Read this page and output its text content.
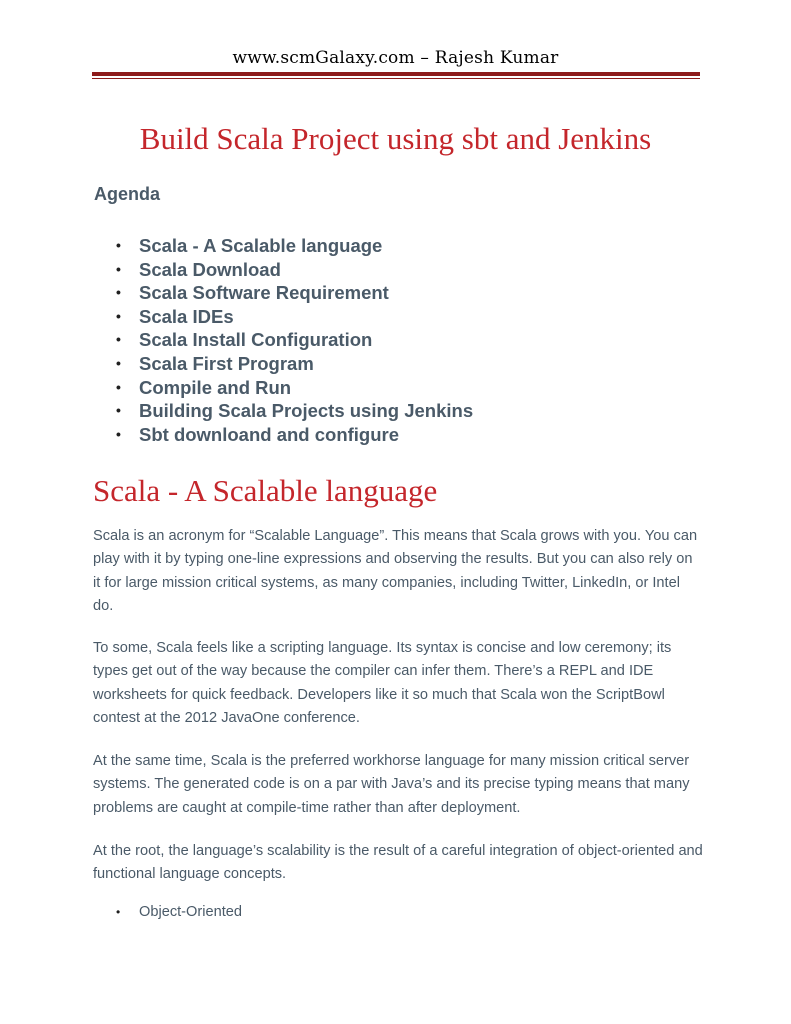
www.scmGalaxy.com – Rajesh Kumar
Build Scala Project using sbt and Jenkins
Agenda
• Scala - A Scalable language
• Scala Download
• Scala Software Requirement
• Scala IDEs
• Scala Install Configuration
• Scala First Program
• Compile and Run
• Building Scala Projects using Jenkins
• Sbt downloand and configure
Scala - A Scalable language

Scala is an acronym for “Scalable Language”. This means that Scala grows with you. You can play with it by typing one-line expressions and observing the results. But you can also rely on it for large mission critical systems, as many companies, including Twitter, LinkedIn, or Intel do.

To some, Scala feels like a scripting language. Its syntax is concise and low ceremony; its types get out of the way because the compiler can infer them. There’s a REPL and IDE worksheets for quick feedback. Developers like it so much that Scala won the ScriptBowl contest at the 2012 JavaOne conference.

At the same time, Scala is the preferred workhorse language for many mission critical server systems. The generated code is on a par with Java’s and its precise typing means that many problems are caught at compile-time rather than after deployment.

At the root, the language’s scalability is the result of a careful integration of object-oriented and functional language concepts.

• Object-Oriented
